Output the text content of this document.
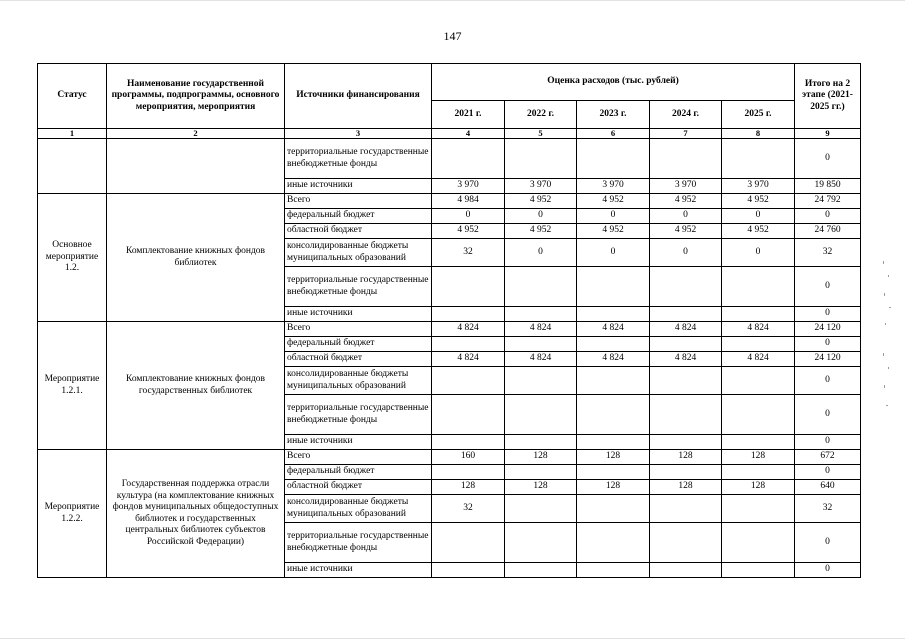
147
Статус	Наименование государственной программы, подпрограммы, основного мероприятия, мероприятия	Источники финансирования	Оценка расходов (тыс. рублей)					Итого на 2 этапе (2021-2025 гг.)
			2021 г.	2022 г.	2023 г.	2024 г.	2025 г.	
1	2	3	4	5	6	7	8	9
		территориальные государственные внебюджетные фонды						0
		иные источники	3 970	3 970	3 970	3 970	3 970	19 850
Основное мероприятие 1.2.	Комплектование книжных фондов библиотек	Всего	4 984	4 952	4 952	4 952	4 952	24 792
		федеральный бюджет	0	0	0	0	0	0
		областной бюджет	4 952	4 952	4 952	4 952	4 952	24 760
		консолидированные бюджеты муниципальных образований	32	0	0	0	0	32
		территориальные государственные внебюджетные фонды						0
		иные источники						0
Мероприятие 1.2.1.	Комплектование книжных фондов государственных библиотек	Всего	4 824	4 824	4 824	4 824	4 824	24 120
		федеральный бюджет						0
		областной бюджет	4 824	4 824	4 824	4 824	4 824	24 120
		консолидированные бюджеты муниципальных образований						0
		территориальные государственные внебюджетные фонды						0
		иные источники						0
Мероприятие 1.2.2.	Государственная поддержка отрасли культура (на комплектование книжных фондов муниципальных общедоступных библиотек и государственных центральных библиотек субъектов Российской Федерации)	Всего	160	128	128	128	128	672
		федеральный бюджет						0
		областной бюджет	128	128	128	128	128	640
		консолидированные бюджеты муниципальных образований	32					32
		территориальные государственные внебюджетные фонды						0
		иные источники						0
